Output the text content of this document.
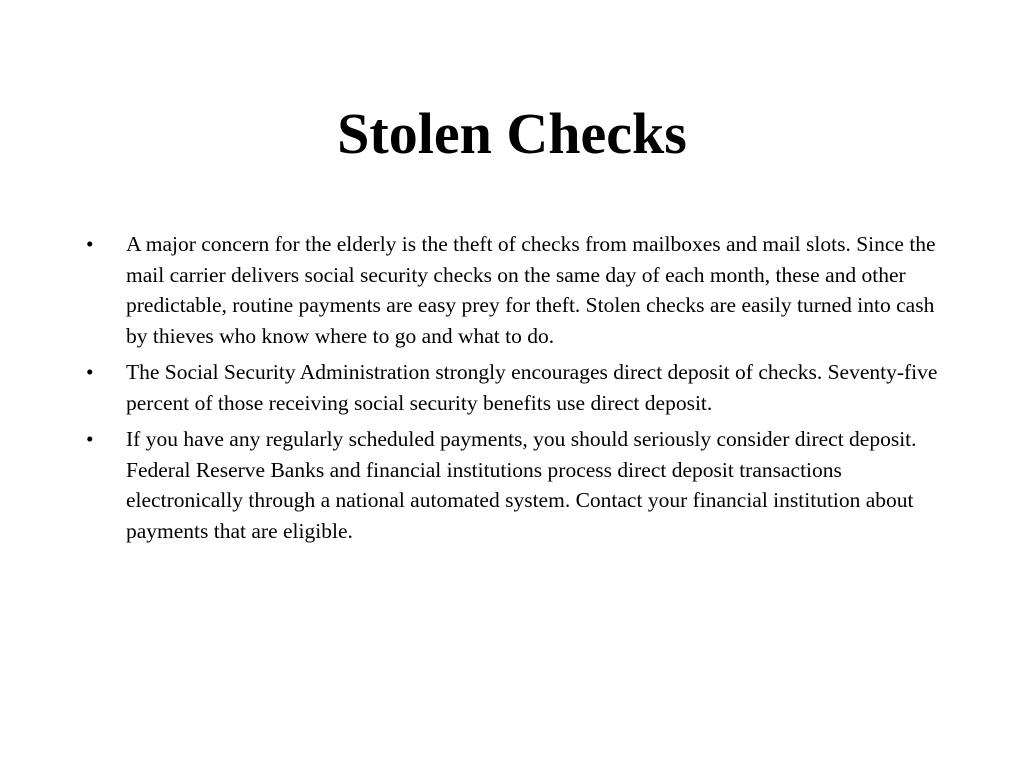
Stolen Checks
•	A major concern for the elderly is the theft of checks from mailboxes and mail slots. Since the mail carrier delivers social security checks on the same day of each month, these and other predictable, routine payments are easy prey for theft. Stolen checks are easily turned into cash by thieves who know where to go and what to do.
•	The Social Security Administration strongly encourages direct deposit of checks. Seventy-five percent of those receiving social security benefits use direct deposit.
•	If you have any regularly scheduled payments, you should seriously consider direct deposit. Federal Reserve Banks and financial institutions process direct deposit transactions electronically through a national automated system. Contact your financial institution about payments that are eligible.
